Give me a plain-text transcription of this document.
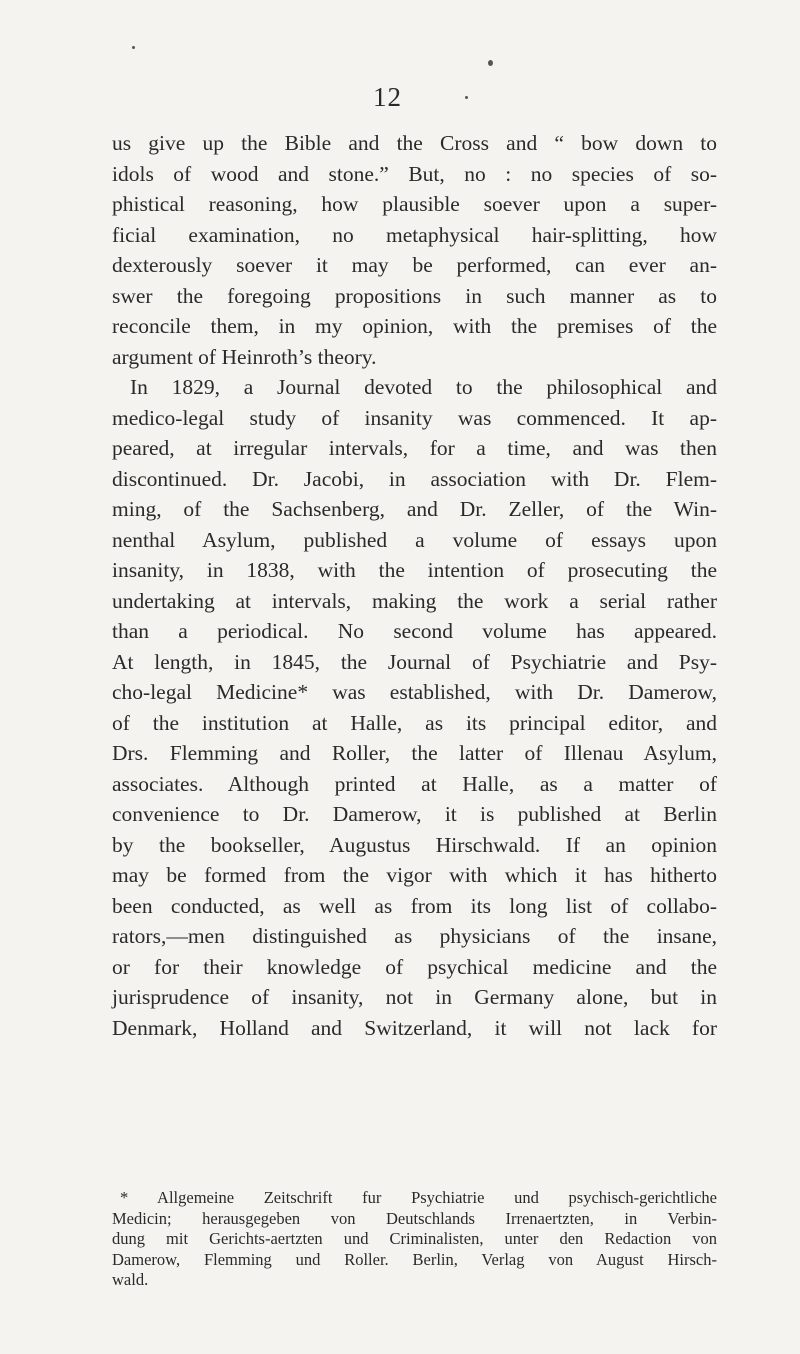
12
us give up the Bible and the Cross and “ bow down to
idols of wood and stone.” But, no : no species of so-
phistical reasoning, how plausible soever upon a super-
ficial examination, no metaphysical hair-splitting, how
dexterously soever it may be performed, can ever an-
swer the foregoing propositions in such manner as to
reconcile them, in my opinion, with the premises of the
argument of Heinroth’s theory.
In 1829, a Journal devoted to the philosophical and
medico-legal study of insanity was commenced. It ap-
peared, at irregular intervals, for a time, and was then
discontinued. Dr. Jacobi, in association with Dr. Flem-
ming, of the Sachsenberg, and Dr. Zeller, of the Win-
nenthal Asylum, published a volume of essays upon
insanity, in 1838, with the intention of prosecuting the
undertaking at intervals, making the work a serial rather
than a periodical. No second volume has appeared.
At length, in 1845, the Journal of Psychiatrie and Psy-
cho-legal Medicine* was established, with Dr. Damerow,
of the institution at Halle, as its principal editor, and
Drs. Flemming and Roller, the latter of Illenau Asylum,
associates. Although printed at Halle, as a matter of
convenience to Dr. Damerow, it is published at Berlin
by the bookseller, Augustus Hirschwald. If an opinion
may be formed from the vigor with which it has hitherto
been conducted, as well as from its long list of collabo-
rators,—men distinguished as physicians of the insane,
or for their knowledge of psychical medicine and the
jurisprudence of insanity, not in Germany alone, but in
Denmark, Holland and Switzerland, it will not lack for
* Allgemeine Zeitschrift fur Psychiatrie und psychisch-gerichtliche
Medicin; herausgegeben von Deutschlands Irrenaertzten, in Verbin-
dung mit Gerichts-aertzten und Criminalisten, unter den Redaction von
Damerow, Flemming und Roller. Berlin, Verlag von August Hirsch-
wald.
